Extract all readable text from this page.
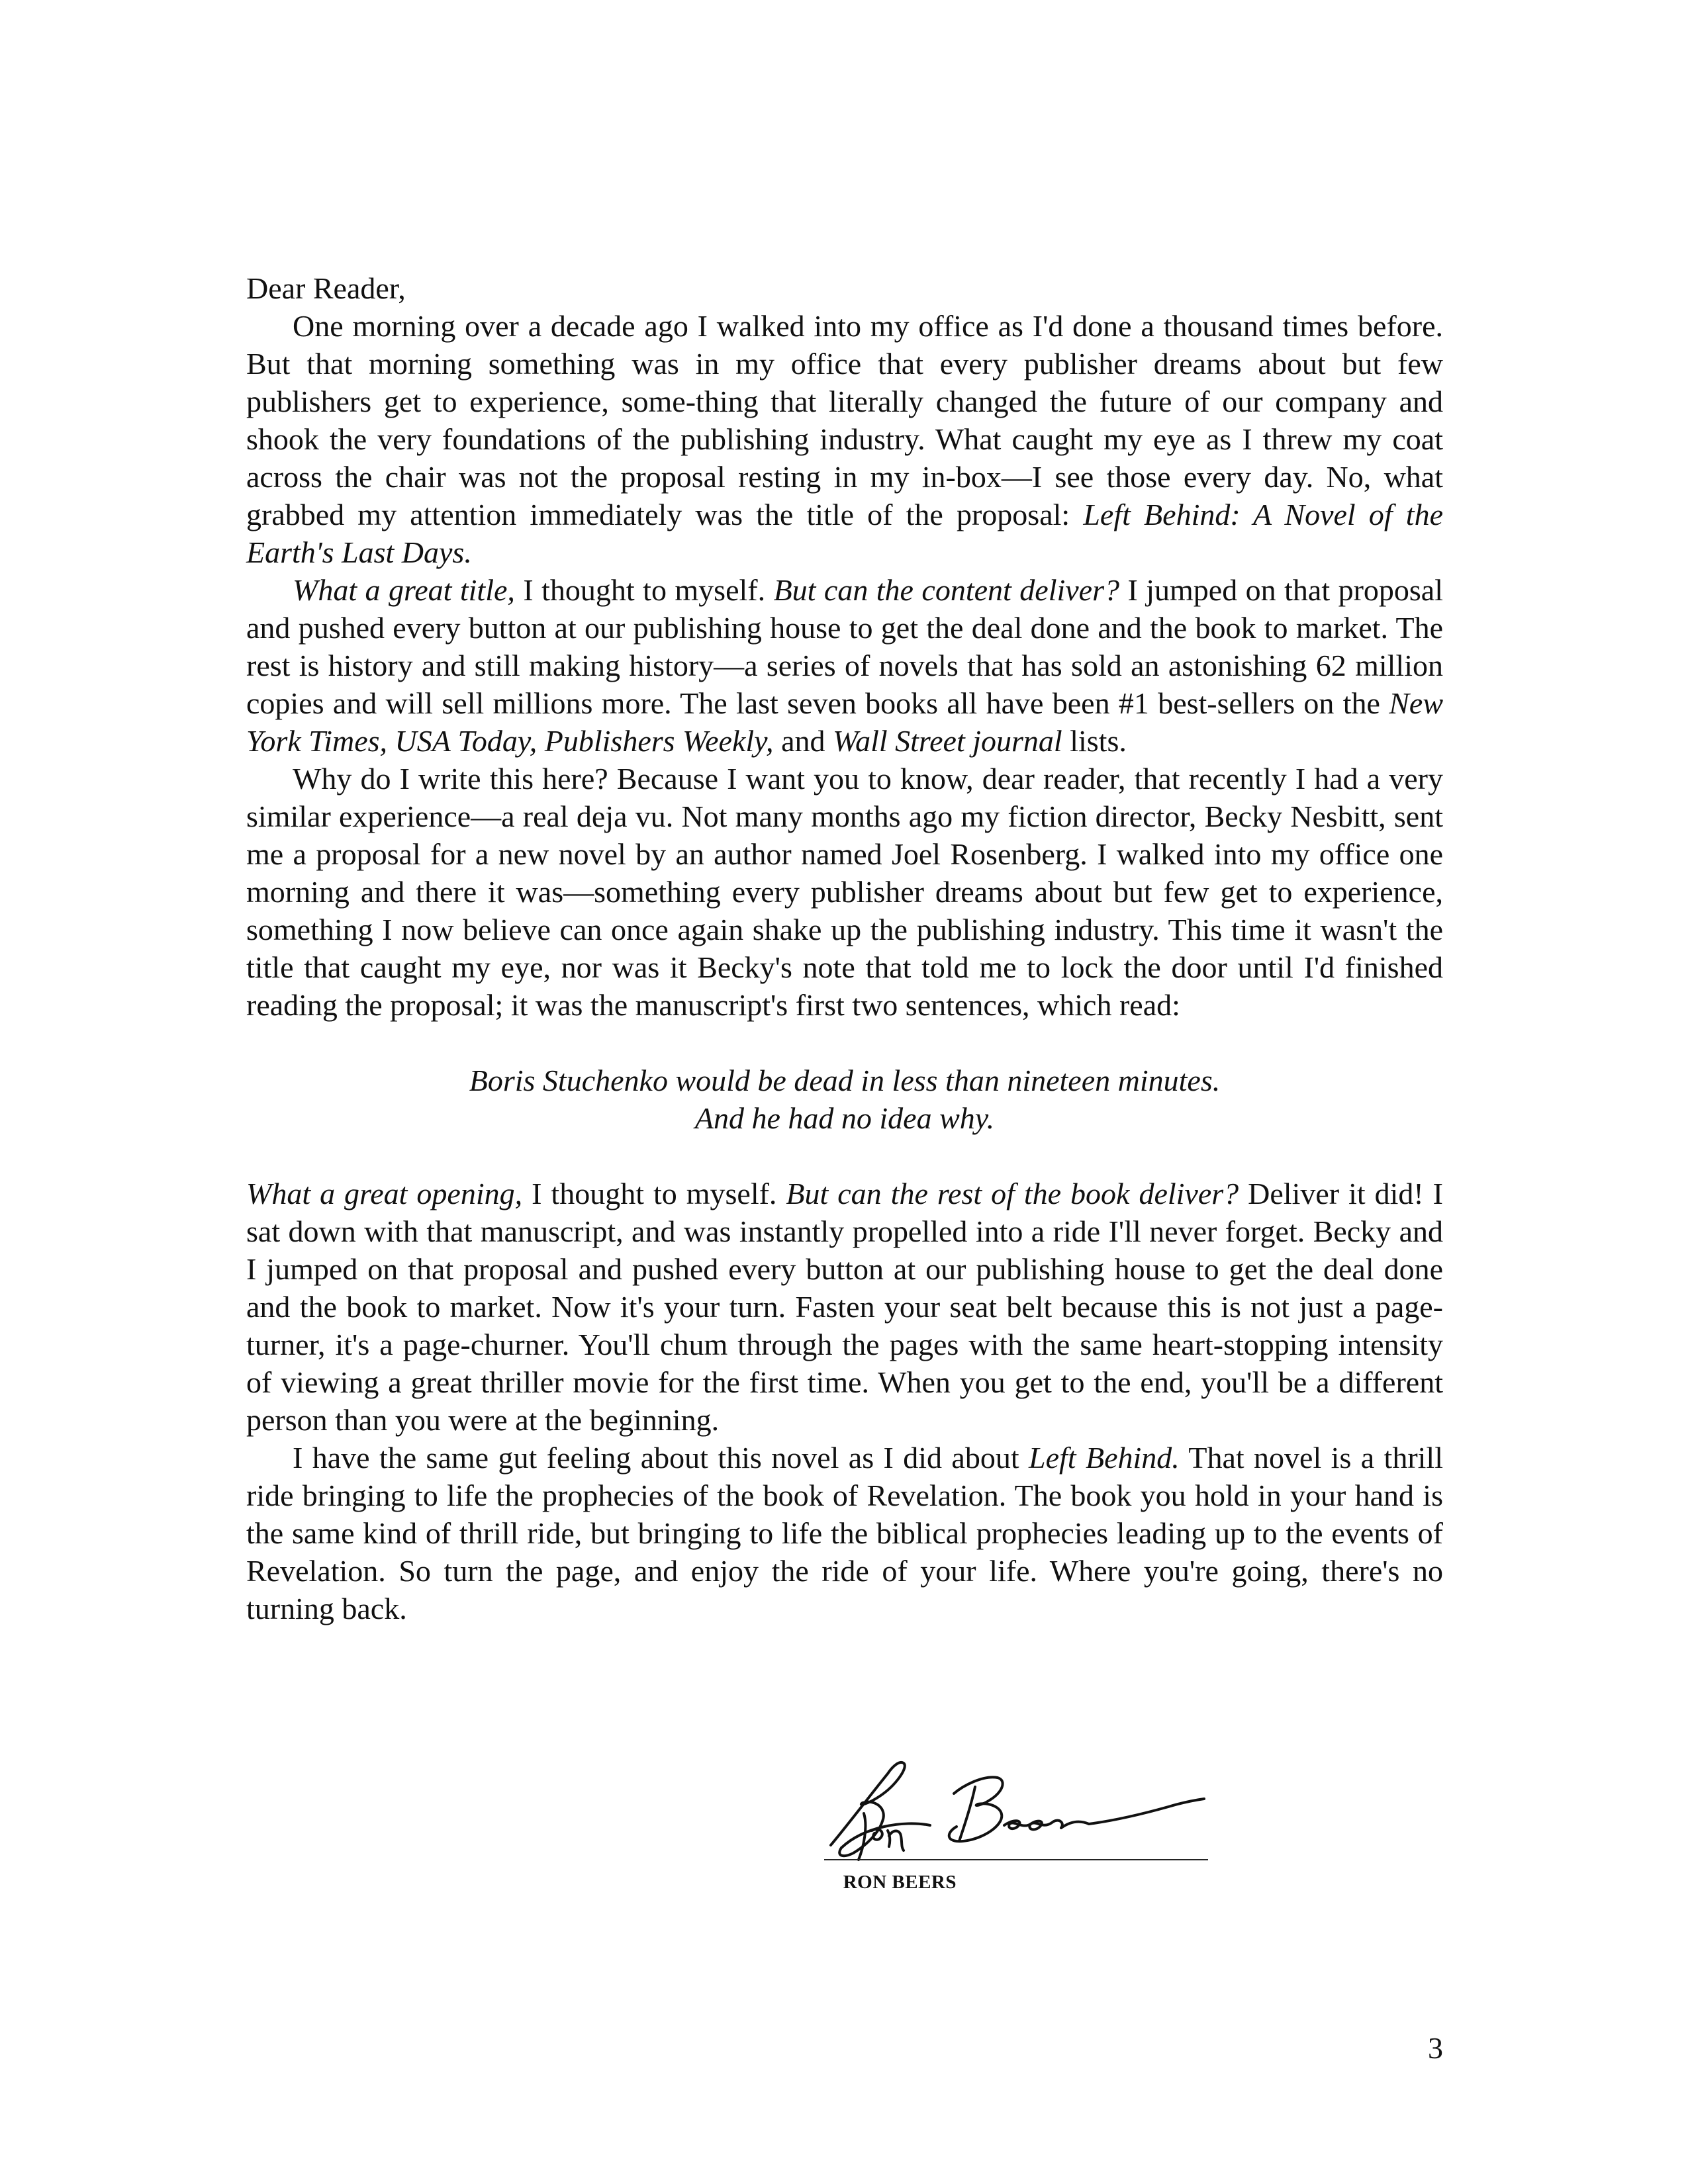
Dear Reader,

One morning over a decade ago I walked into my office as I'd done a thousand times before. But that morning something was in my office that every publisher dreams about but few publishers get to experience, some-thing that literally changed the future of our company and shook the very foundations of the publishing industry. What caught my eye as I threw my coat across the chair was not the proposal resting in my in-box—I see those every day. No, what grabbed my attention immediately was the title of the proposal: Left Behind: A Novel of the Earth's Last Days.

What a great title, I thought to myself. But can the content deliver? I jumped on that proposal and pushed every button at our publishing house to get the deal done and the book to market. The rest is history and still making history—a series of novels that has sold an astonishing 62 million copies and will sell millions more. The last seven books all have been #1 best-sellers on the New York Times, USA Today, Publishers Weekly, and Wall Street journal lists.

Why do I write this here? Because I want you to know, dear reader, that recently I had a very similar experience—a real deja vu. Not many months ago my fiction director, Becky Nesbitt, sent me a proposal for a new novel by an author named Joel Rosenberg. I walked into my office one morning and there it was—something every publisher dreams about but few get to experience, something I now believe can once again shake up the publishing industry. This time it wasn't the title that caught my eye, nor was it Becky's note that told me to lock the door until I'd finished reading the proposal; it was the manuscript's first two sentences, which read:

Boris Stuchenko would be dead in less than nineteen minutes.
And he had no idea why.

What a great opening, I thought to myself. But can the rest of the book deliver? Deliver it did! I sat down with that manuscript, and was instantly propelled into a ride I'll never forget. Becky and I jumped on that proposal and pushed every button at our publishing house to get the deal done and the book to market. Now it's your turn. Fasten your seat belt because this is not just a page-turner, it's a page-churner. You'll chum through the pages with the same heart-stopping intensity of viewing a great thriller movie for the first time. When you get to the end, you'll be a different person than you were at the beginning.

I have the same gut feeling about this novel as I did about Left Behind. That novel is a thrill ride bringing to life the prophecies of the book of Revelation. The book you hold in your hand is the same kind of thrill ride, but bringing to life the biblical prophecies leading up to the events of Revelation. So turn the page, and enjoy the ride of your life. Where you're going, there's no turning back.

RON BEERS
3
